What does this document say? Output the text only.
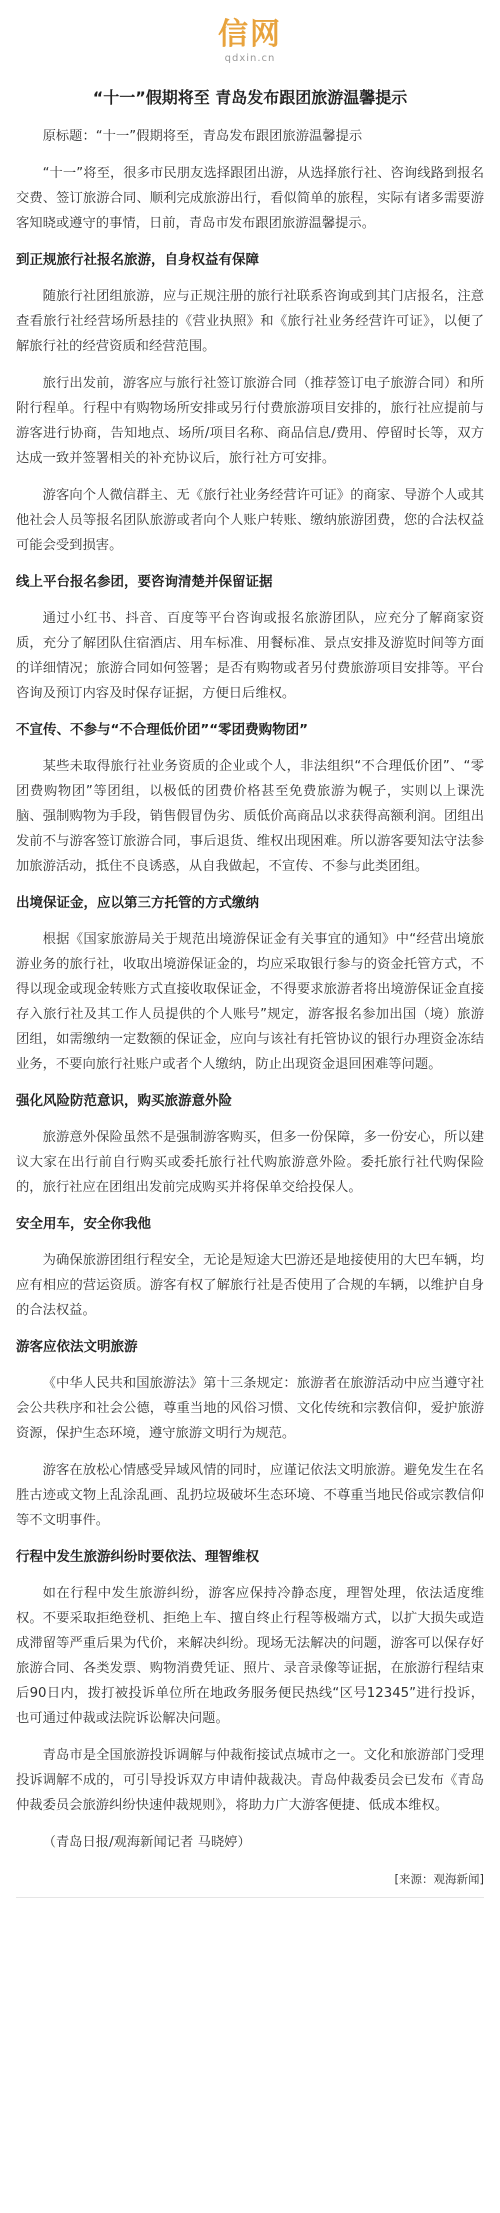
信网
qdxin.cn
“十一”假期将至 青岛发布跟团旅游温馨提示

原标题：“十一”假期将至，青岛发布跟团旅游温馨提示

“十一”将至，很多市民朋友选择跟团出游，从选择旅行社、咨询线路到报名交费、签订旅游合同、顺利完成旅游出行，看似简单的旅程，实际有诸多需要游客知晓或遵守的事情，日前，青岛市发布跟团旅游温馨提示。

到正规旅行社报名旅游，自身权益有保障

随旅行社团组旅游，应与正规注册的旅行社联系咨询或到其门店报名，注意查看旅行社经营场所悬挂的《营业执照》和《旅行社业务经营许可证》，以便了解旅行社的经营资质和经营范围。

旅行出发前，游客应与旅行社签订旅游合同（推荐签订电子旅游合同）和所附行程单。行程中有购物场所安排或另行付费旅游项目安排的，旅行社应提前与游客进行协商，告知地点、场所/项目名称、商品信息/费用、停留时长等，双方达成一致并签署相关的补充协议后，旅行社方可安排。

游客向个人微信群主、无《旅行社业务经营许可证》的商家、导游个人或其他社会人员等报名团队旅游或者向个人账户转账、缴纳旅游团费，您的合法权益可能会受到损害。

线上平台报名参团，要咨询清楚并保留证据

通过小红书、抖音、百度等平台咨询或报名旅游团队，应充分了解商家资质，充分了解团队住宿酒店、用车标准、用餐标准、景点安排及游览时间等方面的详细情况；旅游合同如何签署；是否有购物或者另付费旅游项目安排等。平台咨询及预订内容及时保存证据，方便日后维权。

不宣传、不参与“不合理低价团”“零团费购物团”

某些未取得旅行社业务资质的企业或个人，非法组织“不合理低价团”、“零团费购物团”等团组，以极低的团费价格甚至免费旅游为幌子，实则以上课洗脑、强制购物为手段，销售假冒伪劣、质低价高商品以求获得高额利润。团组出发前不与游客签订旅游合同，事后退货、维权出现困难。所以游客要知法守法参加旅游活动，抵住不良诱惑，从自我做起，不宣传、不参与此类团组。

出境保证金，应以第三方托管的方式缴纳

根据《国家旅游局关于规范出境游保证金有关事宜的通知》中“经营出境旅游业务的旅行社，收取出境游保证金的，均应采取银行参与的资金托管方式，不得以现金或现金转账方式直接收取保证金，不得要求旅游者将出境游保证金直接存入旅行社及其工作人员提供的个人账号”规定，游客报名参加出国（境）旅游团组，如需缴纳一定数额的保证金，应向与该社有托管协议的银行办理资金冻结业务，不要向旅行社账户或者个人缴纳，防止出现资金退回困难等问题。

强化风险防范意识，购买旅游意外险

旅游意外保险虽然不是强制游客购买，但多一份保障，多一份安心，所以建议大家在出行前自行购买或委托旅行社代购旅游意外险。委托旅行社代购保险的，旅行社应在团组出发前完成购买并将保单交给投保人。

安全用车，安全你我他

为确保旅游团组行程安全，无论是短途大巴游还是地接使用的大巴车辆，均应有相应的营运资质。游客有权了解旅行社是否使用了合规的车辆，以维护自身的合法权益。

游客应依法文明旅游

《中华人民共和国旅游法》第十三条规定：旅游者在旅游活动中应当遵守社会公共秩序和社会公德，尊重当地的风俗习惯、文化传统和宗教信仰，爱护旅游资源，保护生态环境，遵守旅游文明行为规范。

游客在放松心情感受异域风情的同时，应谨记依法文明旅游。避免发生在名胜古迹或文物上乱涂乱画、乱扔垃圾破坏生态环境、不尊重当地民俗或宗教信仰等不文明事件。

行程中发生旅游纠纷时要依法、理智维权

如在行程中发生旅游纠纷，游客应保持冷静态度，理智处理，依法适度维权。不要采取拒绝登机、拒绝上车、擅自终止行程等极端方式，以扩大损失或造成滞留等严重后果为代价，来解决纠纷。现场无法解决的问题，游客可以保存好旅游合同、各类发票、购物消费凭证、照片、录音录像等证据，在旅游行程结束后90日内，拨打被投诉单位所在地政务服务便民热线“区号12345”进行投诉，也可通过仲裁或法院诉讼解决问题。

青岛市是全国旅游投诉调解与仲裁衔接试点城市之一。文化和旅游部门受理投诉调解不成的，可引导投诉双方申请仲裁裁决。青岛仲裁委员会已发布《青岛仲裁委员会旅游纠纷快速仲裁规则》，将助力广大游客便捷、低成本维权。

（青岛日报/观海新闻记者 马晓婷）

[来源：观海新闻]
